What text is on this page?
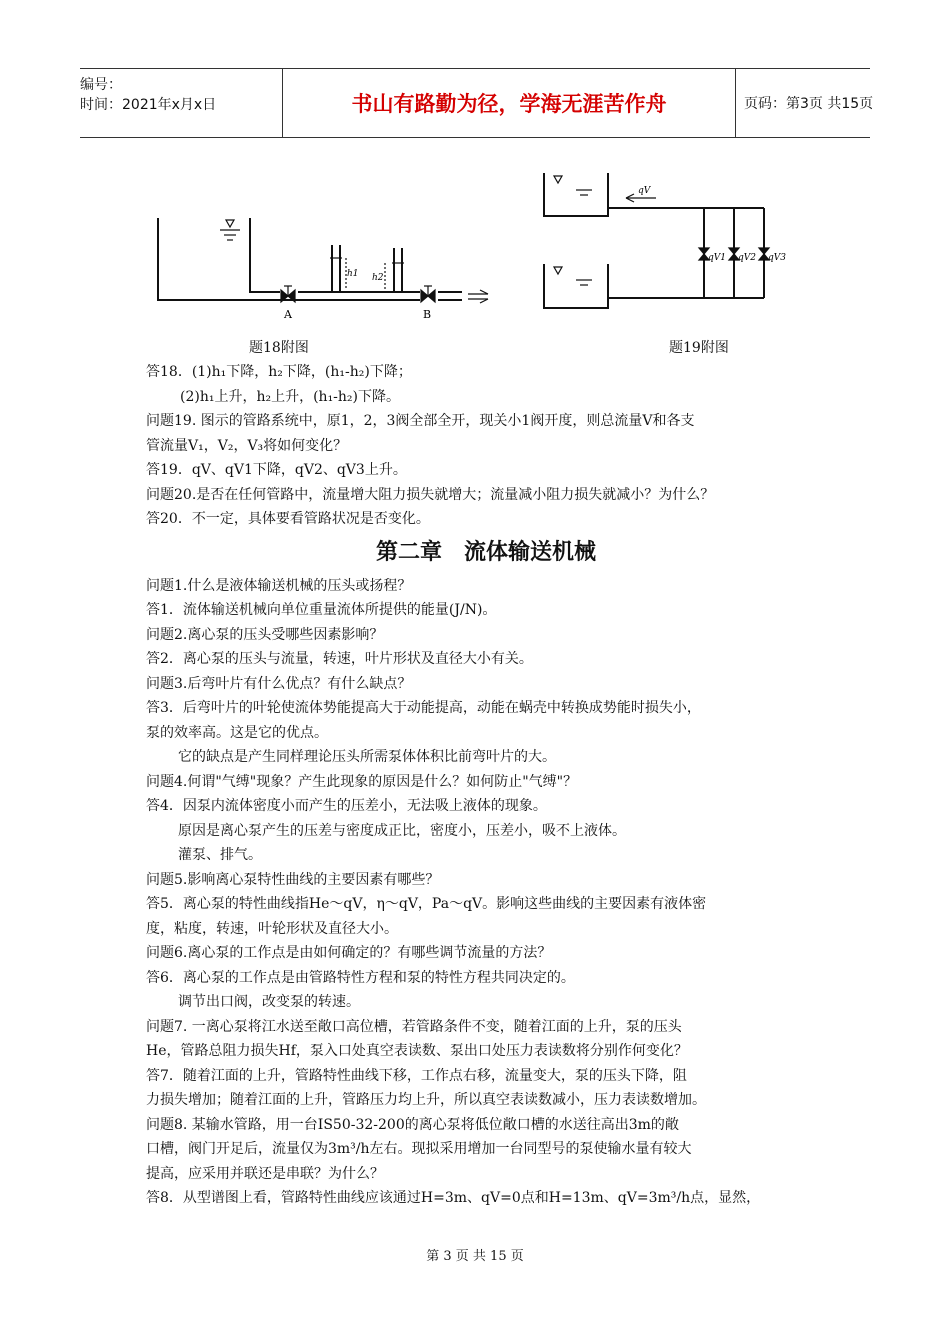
编号：
时间：2021年x月x日	书山有路勤为径，学海无涯苦作舟	页码：第3页 共15页
A	B
h1 h2
题18附图
qV
qV1 qV2 qV3
题19附图
答18．(1)h₁下降，h₂下降，(h₁-h₂)下降；
(2)h₁上升，h₂上升，(h₁-h₂)下降。
问题19. 图示的管路系统中，原1，2，3阀全部全开，现关小1阀开度，则总流量V和各支
管流量V₁，V₂，V₃将如何变化？
答19．qV、qV1下降，qV2、qV3上升。
问题20.是否在任何管路中，流量增大阻力损失就增大；流量减小阻力损失就减小？为什么？
答20．不一定，具体要看管路状况是否变化。
第二章　流体输送机械
问题1.什么是液体输送机械的压头或扬程？
答1．流体输送机械向单位重量流体所提供的能量(J/N)。
问题2.离心泵的压头受哪些因素影响？
答2．离心泵的压头与流量，转速，叶片形状及直径大小有关。
问题3.后弯叶片有什么优点？有什么缺点？
答3．后弯叶片的叶轮使流体势能提高大于动能提高，动能在蜗壳中转换成势能时损失小，
泵的效率高。这是它的优点。
它的缺点是产生同样理论压头所需泵体体积比前弯叶片的大。
问题4.何谓"气缚"现象？产生此现象的原因是什么？如何防止"气缚"？
答4．因泵内流体密度小而产生的压差小，无法吸上液体的现象。
原因是离心泵产生的压差与密度成正比，密度小，压差小，吸不上液体。
灌泵、排气。
问题5.影响离心泵特性曲线的主要因素有哪些？
答5．离心泵的特性曲线指He～qV，η～qV，Pa～qV。影响这些曲线的主要因素有液体密
度，粘度，转速，叶轮形状及直径大小。
问题6.离心泵的工作点是由如何确定的？有哪些调节流量的方法？
答6．离心泵的工作点是由管路特性方程和泵的特性方程共同决定的。
调节出口阀，改变泵的转速。
问题7. 一离心泵将江水送至敞口高位槽，若管路条件不变，随着江面的上升，泵的压头
He，管路总阻力损失Hf，泵入口处真空表读数、泵出口处压力表读数将分别作何变化？
答7．随着江面的上升，管路特性曲线下移，工作点右移，流量变大，泵的压头下降，阻
力损失增加；随着江面的上升，管路压力均上升，所以真空表读数减小，压力表读数增加。
问题8. 某输水管路，用一台IS50-32-200的离心泵将低位敞口槽的水送往高出3m的敞
口槽，阀门开足后，流量仅为3m³/h左右。现拟采用增加一台同型号的泵使输水量有较大
提高，应采用并联还是串联？为什么？
答8．从型谱图上看，管路特性曲线应该通过H=3m、qV=0点和H=13m、qV=3m³/h点，显然，
第 3 页 共 15 页
